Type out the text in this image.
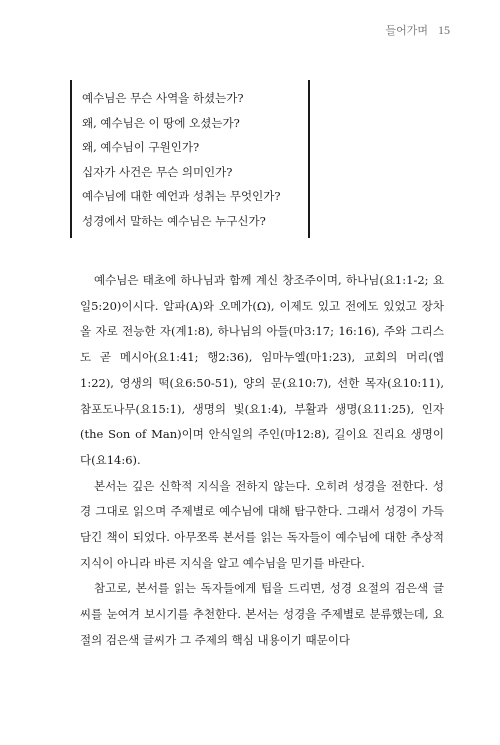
들어가며 15
예수님은 무슨 사역을 하셨는가?
왜, 예수님은 이 땅에 오셨는가?
왜, 예수님이 구원인가?
십자가 사건은 무슨 의미인가?
예수님에 대한 예언과 성취는 무엇인가?
성경에서 말하는 예수님은 누구신가?

예수님은 태초에 하나님과 함께 계신 창조주이며, 하나님(요1:1-2; 요일5:20)이시다. 알파(A)와 오메가(Ω), 이제도 있고 전에도 있었고 장차 올 자로 전능한 자(계1:8), 하나님의 아들(마3:17; 16:16), 주와 그리스도 곧 메시아(요1:41; 행2:36), 임마누엘(마1:23), 교회의 머리(엡1:22), 영생의 떡(요6:50-51), 양의 문(요10:7), 선한 목자(요10:11), 참포도나무(요15:1), 생명의 빛(요1:4), 부활과 생명(요11:25), 인자(the Son of Man)이며 안식일의 주인(마12:8), 길이요 진리요 생명이다(요14:6).

본서는 깊은 신학적 지식을 전하지 않는다. 오히려 성경을 전한다. 성경 그대로 읽으며 주제별로 예수님에 대해 탐구한다. 그래서 성경이 가득 담긴 책이 되었다. 아무쪼록 본서를 읽는 독자들이 예수님에 대한 추상적 지식이 아니라 바른 지식을 알고 예수님을 믿기를 바란다.

참고로, 본서를 읽는 독자들에게 팁을 드리면, 성경 요절의 검은색 글씨를 눈여겨 보시기를 추천한다. 본서는 성경을 주제별로 분류했는데, 요절의 검은색 글씨가 그 주제의 핵심 내용이기 때문이다
